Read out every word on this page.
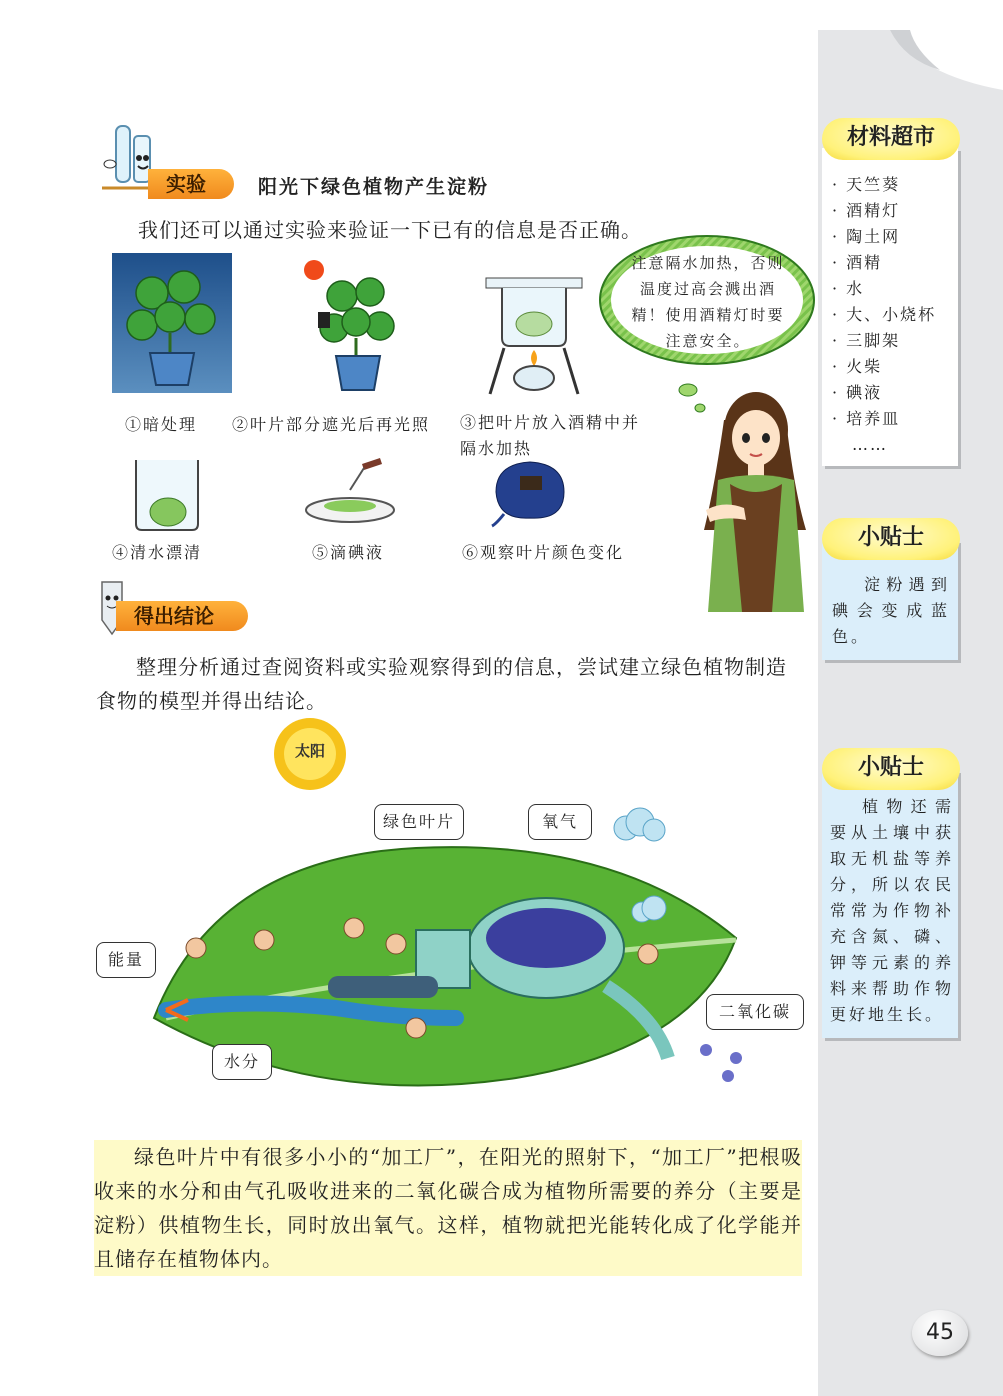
实验	阳光下绿色植物产生淀粉
我们还可以通过实验来验证一下已有的信息是否正确。
①暗处理 ②叶片部分遮光后再光照 ③把叶片放入酒精中并隔水加热
④清水漂清	⑤滴碘液	⑥观察叶片颜色变化
注意隔水加热，否则温度过高会溅出酒精！使用酒精灯时要注意安全。
得出结论
整理分析通过查阅资料或实验观察得到的信息，尝试建立绿色植物制造食物的模型并得出结论。
太阳
绿色叶片	氧气
能量
二氧化碳
水分
绿色叶片中有很多小小的“加工厂”，在阳光的照射下，“加工厂”把根吸收来的水分和由气孔吸收进来的二氧化碳合成为植物所需要的养分（主要是淀粉）供植物生长，同时放出氧气。这样，植物就把光能转化成了化学能并且储存在植物体内。
· 天竺葵
· 酒精灯
· 陶土网
· 酒精
· 水
· 大、小烧杯
· 三脚架
· 火柴
· 碘液
· 培养皿
……
材料超市
淀粉遇到碘会变成蓝色。
小贴士
植物还需要从土壤中获取无机盐等养分，所以农民常常为作物补充含氮、磷、钾等元素的养料来帮助作物更好地生长。
小贴士
45
